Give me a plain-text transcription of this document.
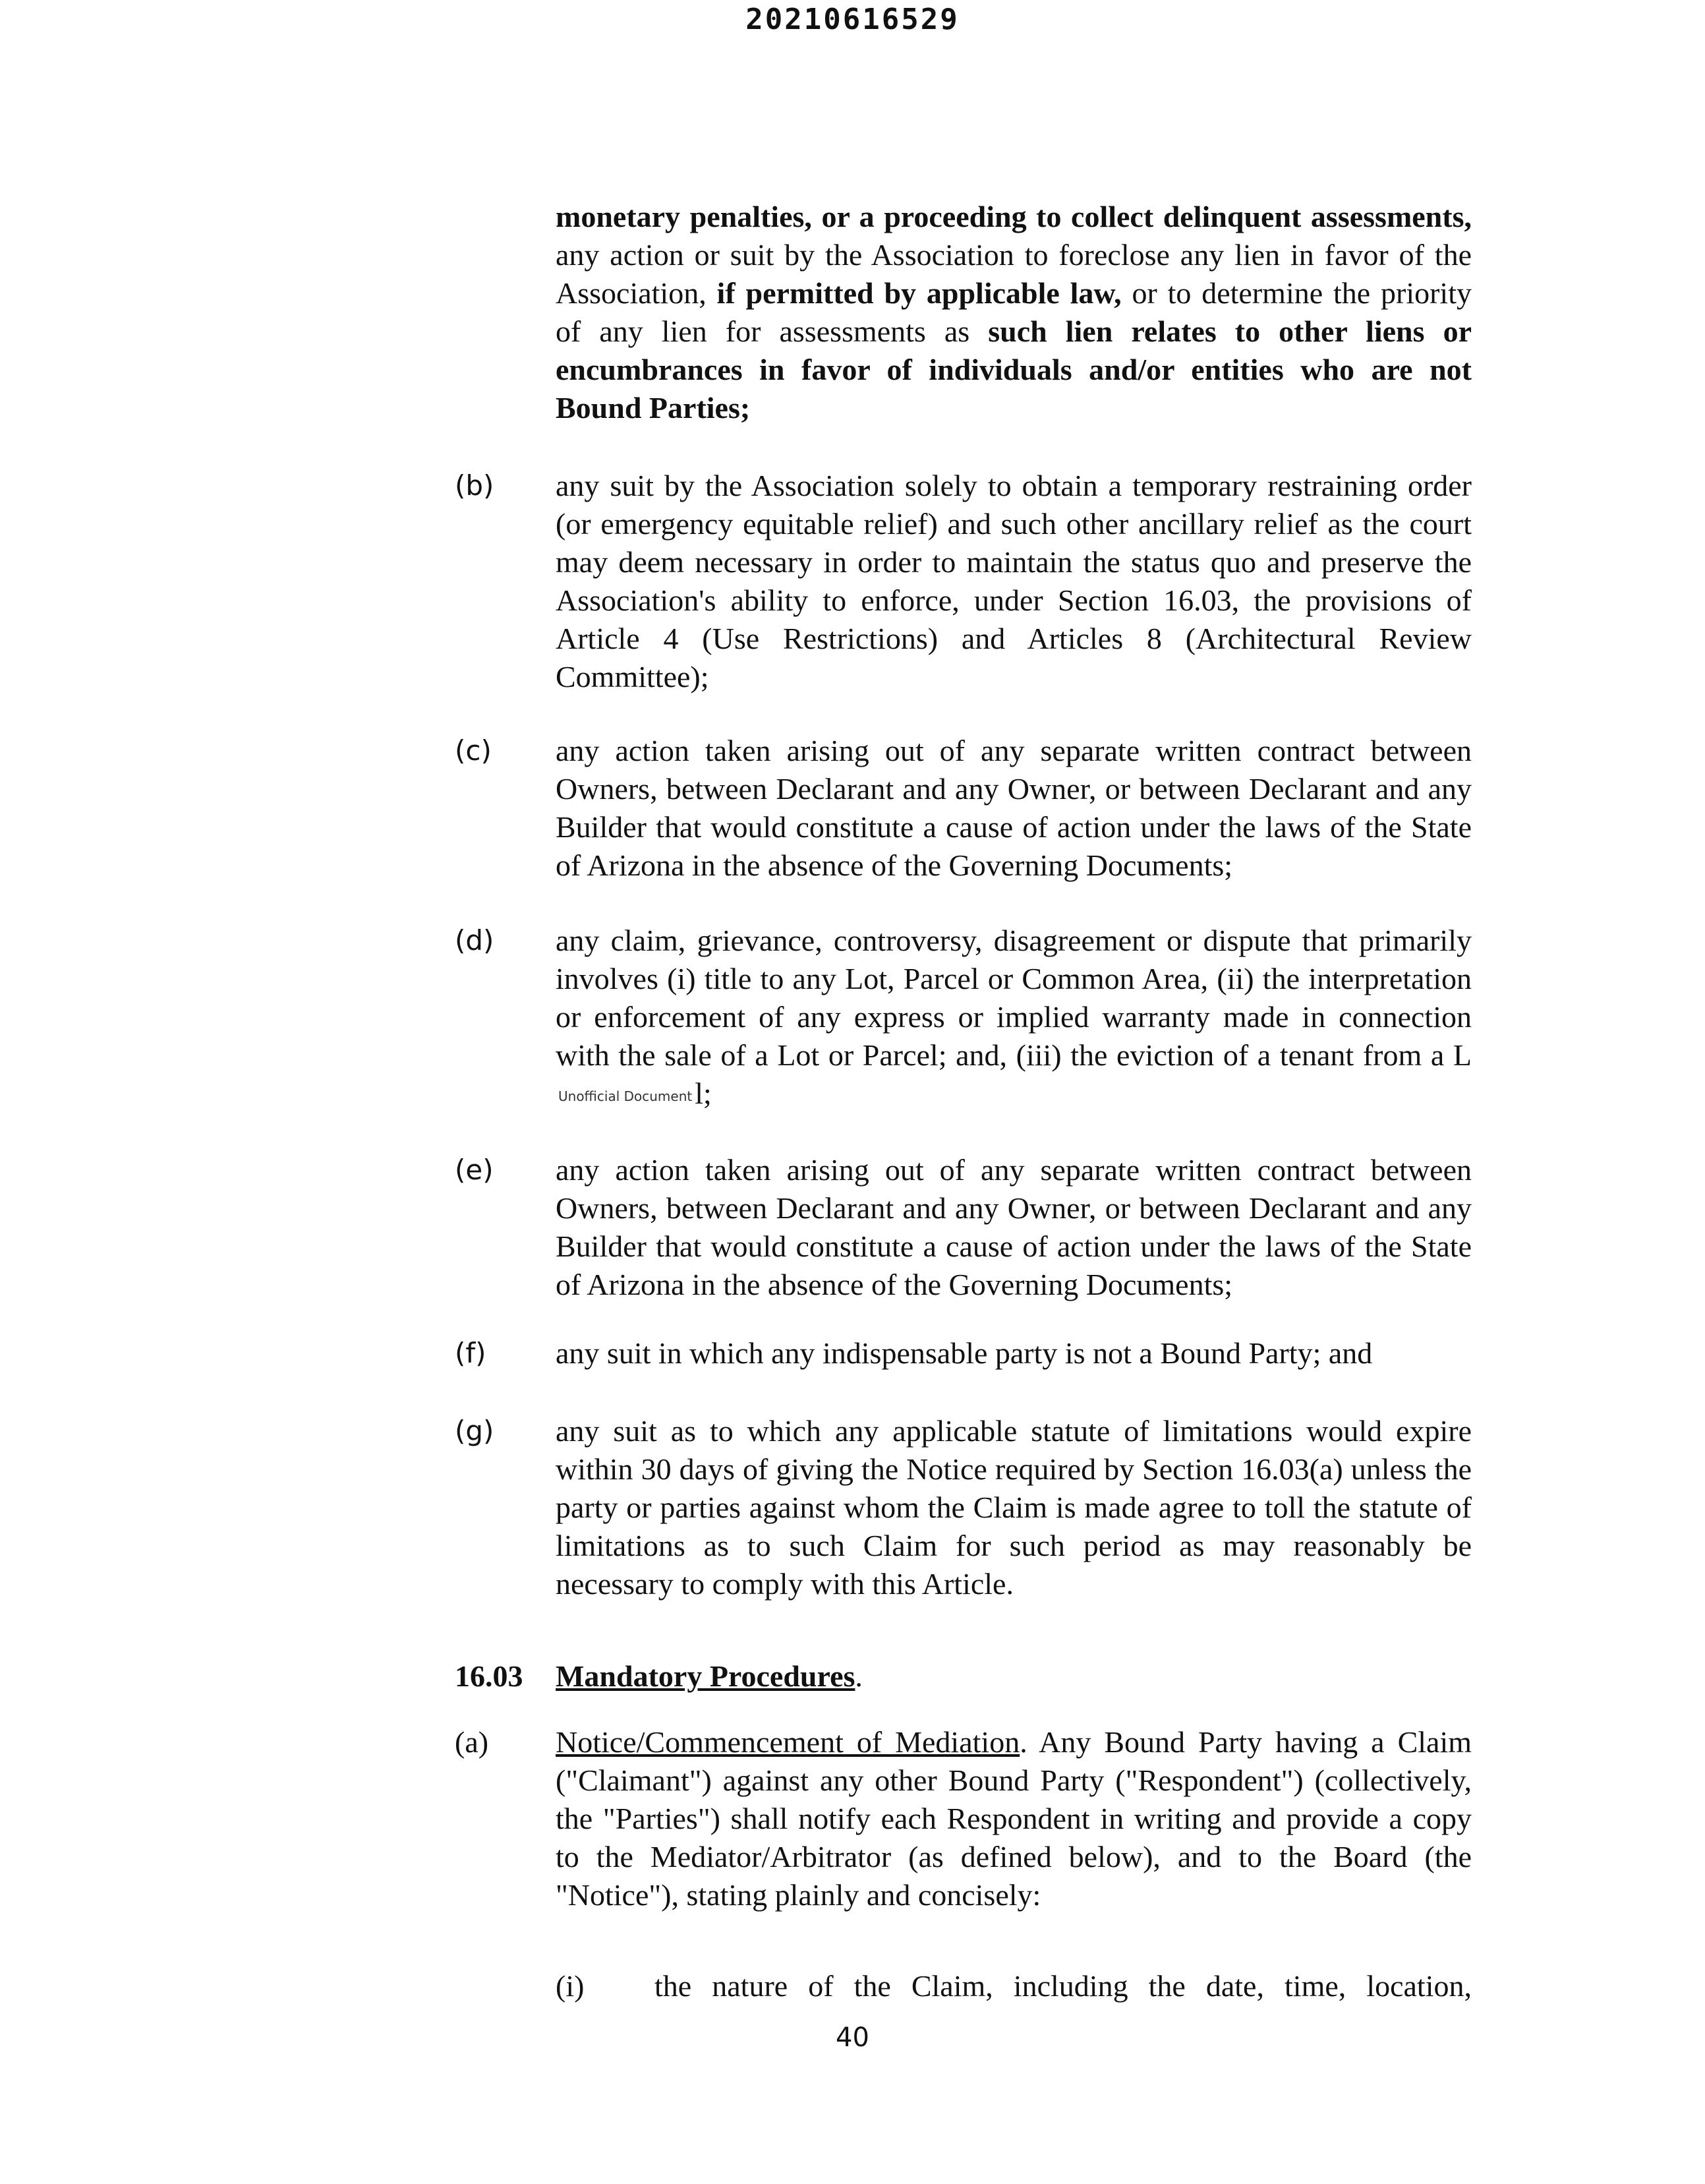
20210616529
monetary penalties, or a proceeding to collect delinquent assessments, any action or suit by the Association to foreclose any lien in favor of the Association, if permitted by applicable law, or to determine the priority of any lien for assessments as such lien relates to other liens or encumbrances in favor of individuals and/or entities who are not Bound Parties;
(b) any suit by the Association solely to obtain a temporary restraining order (or emergency equitable relief) and such other ancillary relief as the court may deem necessary in order to maintain the status quo and preserve the Association's ability to enforce, under Section 16.03, the provisions of Article 4 (Use Restrictions) and Articles 8 (Architectural Review Committee);
(c) any action taken arising out of any separate written contract between Owners, between Declarant and any Owner, or between Declarant and any Builder that would constitute a cause of action under the laws of the State of Arizona in the absence of the Governing Documents;
(d) any claim, grievance, controversy, disagreement or dispute that primarily involves (i) title to any Lot, Parcel or Common Area, (ii) the interpretation or enforcement of any express or implied warranty made in connection with the sale of a Lot or Parcel; and, (iii) the eviction of a tenant from a LUnofficial Documentl;
(e) any action taken arising out of any separate written contract between Owners, between Declarant and any Owner, or between Declarant and any Builder that would constitute a cause of action under the laws of the State of Arizona in the absence of the Governing Documents;
(f) any suit in which any indispensable party is not a Bound Party; and
(g) any suit as to which any applicable statute of limitations would expire within 30 days of giving the Notice required by Section 16.03(a) unless the party or parties against whom the Claim is made agree to toll the statute of limitations as to such Claim for such period as may reasonably be necessary to comply with this Article.
16.03 Mandatory Procedures.
(a) Notice/Commencement of Mediation. Any Bound Party having a Claim ("Claimant") against any other Bound Party ("Respondent") (collectively, the "Parties") shall notify each Respondent in writing and provide a copy to the Mediator/Arbitrator (as defined below), and to the Board (the "Notice"), stating plainly and concisely:
(i) the nature of the Claim, including the date, time, location,
40
